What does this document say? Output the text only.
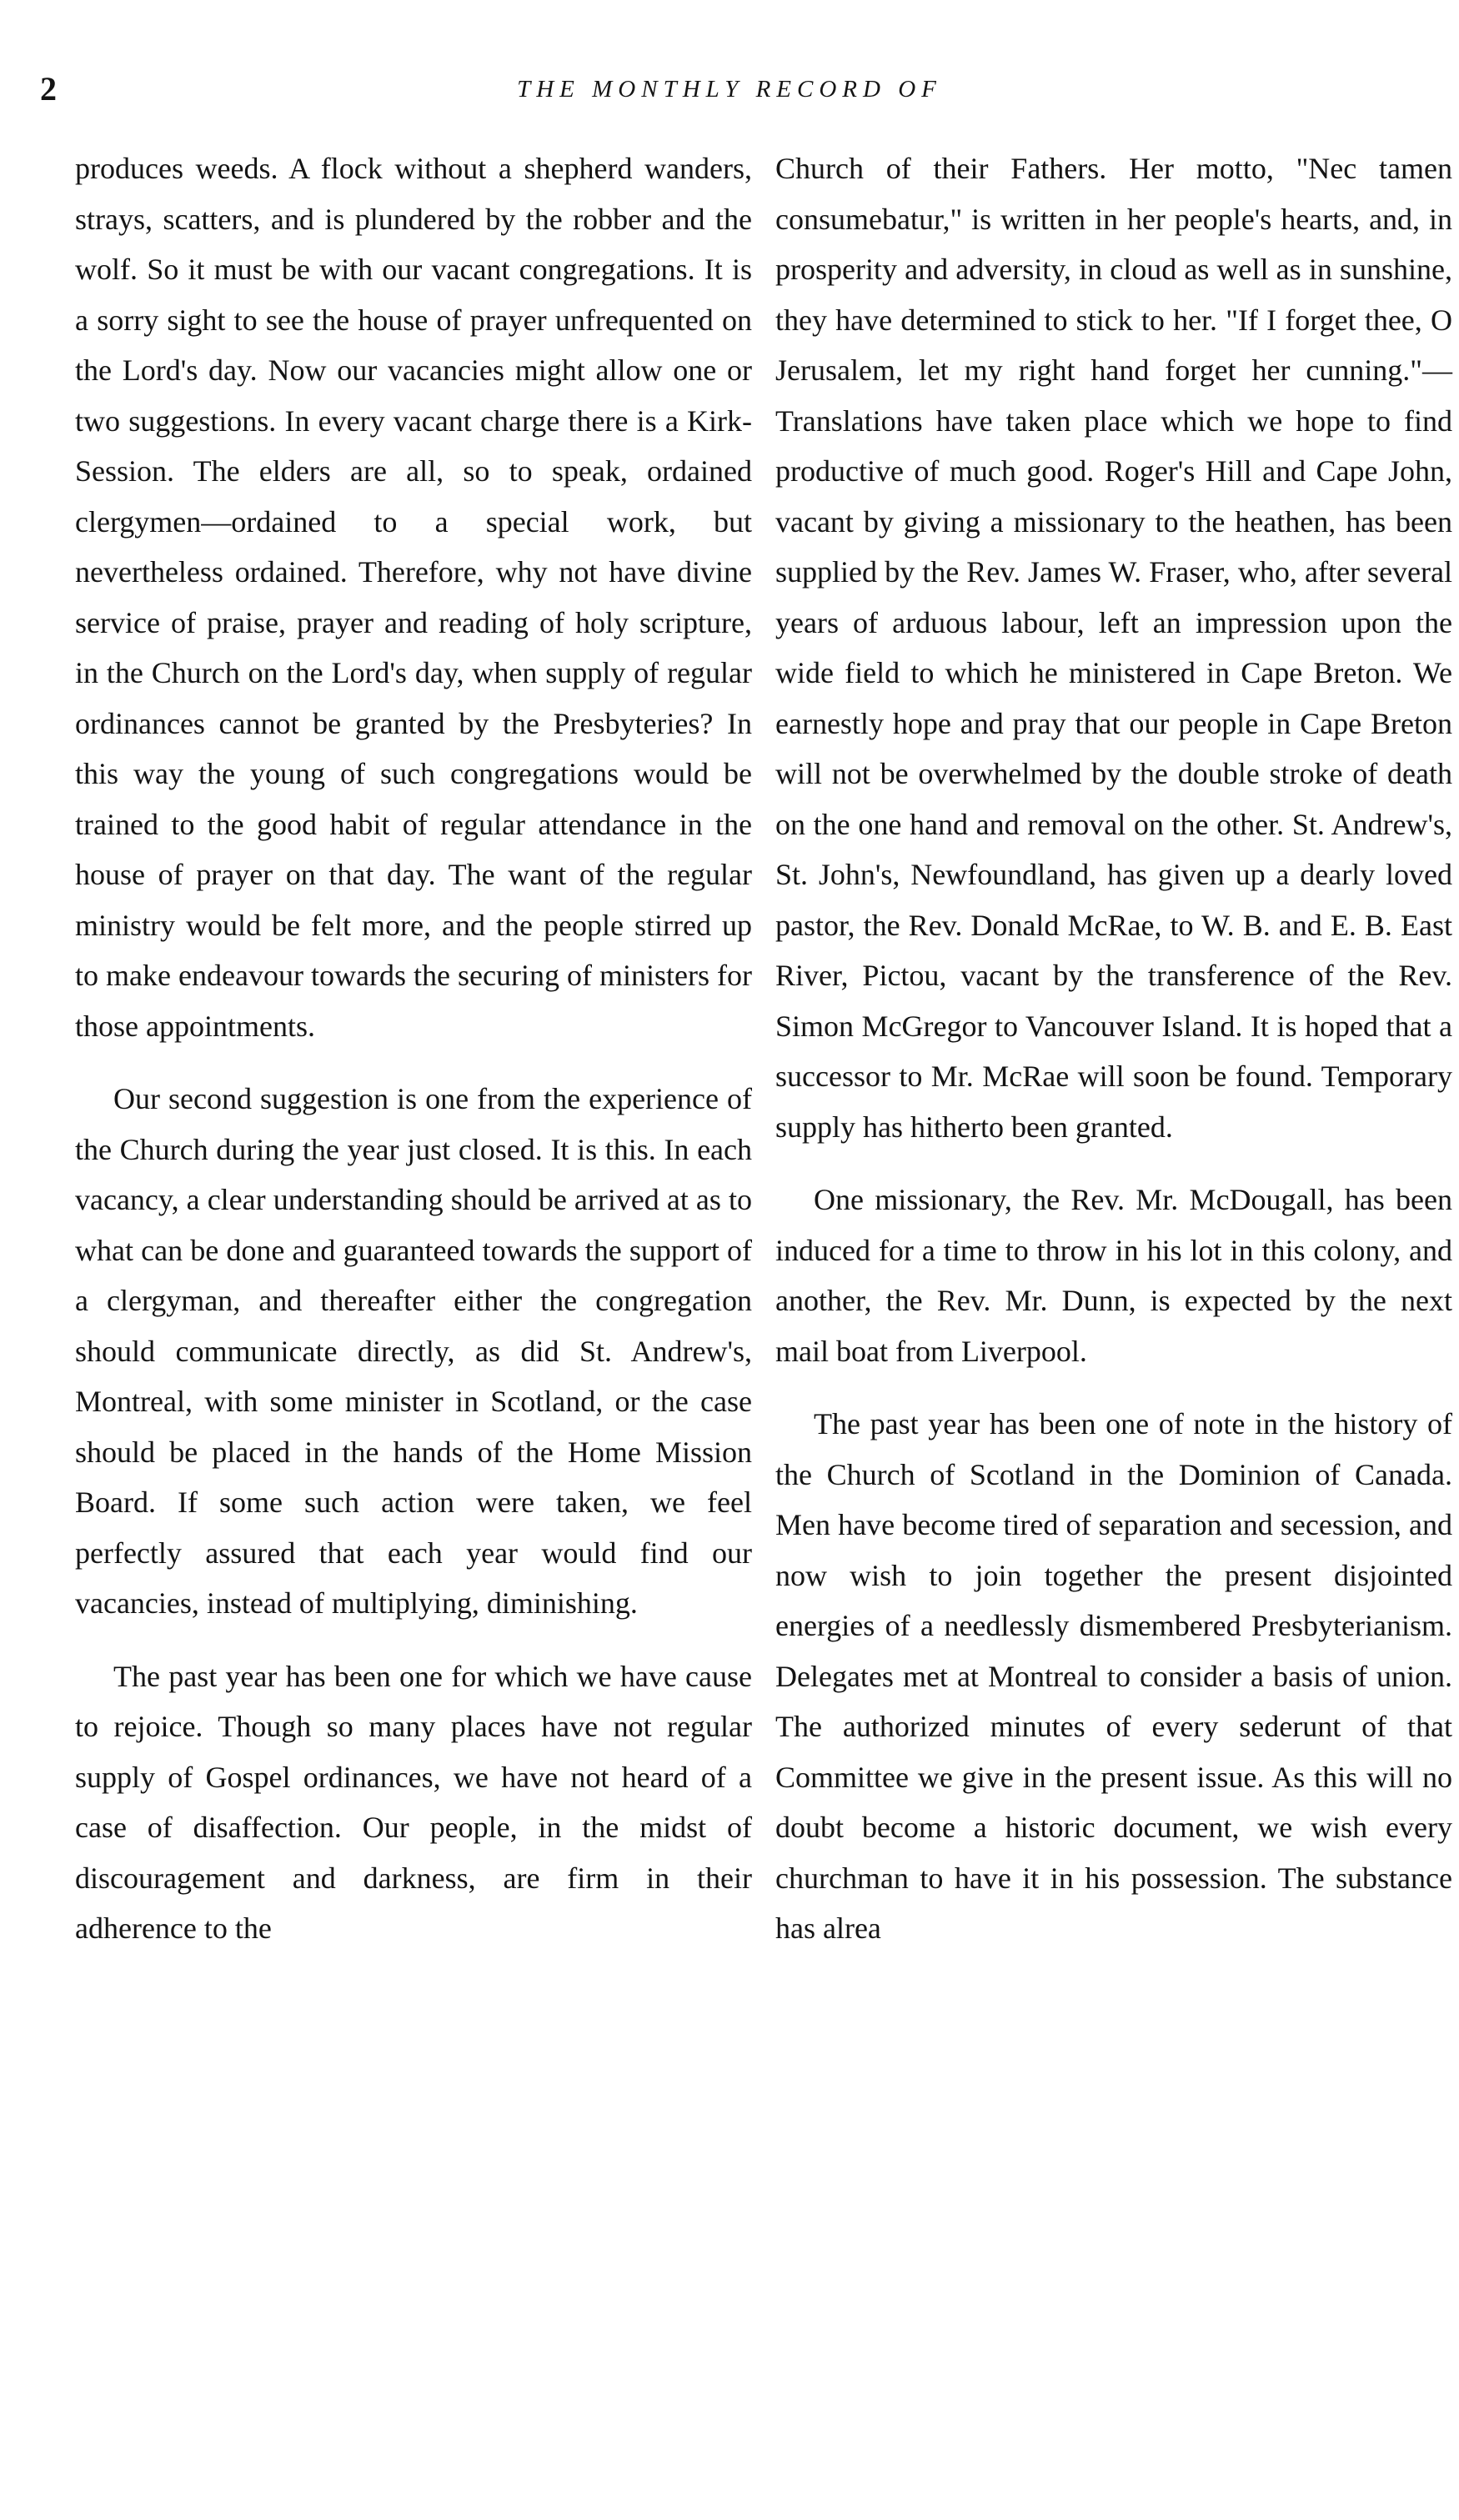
2	THE MONTHLY RECORD OF

produces weeds. A flock without a shepherd wanders, strays, scatters, and is plundered by the robber and the wolf. So it must be with our vacant congregations. It is a sorry sight to see the house of prayer unfrequented on the Lord's day. Now our vacancies might allow one or two suggestions. In every vacant charge there is a Kirk-Session. The elders are all, so to speak, ordained clergymen—ordained to a special work, but nevertheless ordained. Therefore, why not have divine service of praise, prayer and reading of holy scripture, in the Church on the Lord's day, when supply of regular ordinances cannot be granted by the Presbyteries? In this way the young of such congregations would be trained to the good habit of regular attendance in the house of prayer on that day. The want of the regular ministry would be felt more, and the people stirred up to make endeavour towards the securing of ministers for those appointments.

Our second suggestion is one from the experience of the Church during the year just closed. It is this. In each vacancy, a clear understanding should be arrived at as to what can be done and guaranteed towards the support of a clergyman, and thereafter either the congregation should communicate directly, as did St. Andrew's, Montreal, with some minister in Scotland, or the case should be placed in the hands of the Home Mission Board. If some such action were taken, we feel perfectly assured that each year would find our vacancies, instead of multiplying, diminishing.

The past year has been one for which we have cause to rejoice. Though so many places have not regular supply of Gospel ordinances, we have not heard of a case of disaffection. Our people, in the midst of discouragement and darkness, are firm in their adherence to the

Church of their Fathers. Her motto, "Nec tamen consumebatur," is written in her people's hearts, and, in prosperity and adversity, in cloud as well as in sunshine, they have determined to stick to her. "If I forget thee, O Jerusalem, let my right hand forget her cunning."—Translations have taken place which we hope to find productive of much good. Roger's Hill and Cape John, vacant by giving a missionary to the heathen, has been supplied by the Rev. James W. Fraser, who, after several years of arduous labour, left an impression upon the wide field to which he ministered in Cape Breton. We earnestly hope and pray that our people in Cape Breton will not be overwhelmed by the double stroke of death on the one hand and removal on the other. St. Andrew's, St. John's, Newfoundland, has given up a dearly loved pastor, the Rev. Donald McRae, to W. B. and E. B. East River, Pictou, vacant by the transference of the Rev. Simon McGregor to Vancouver Island. It is hoped that a successor to Mr. McRae will soon be found. Temporary supply has hitherto been granted.

One missionary, the Rev. Mr. McDougall, has been induced for a time to throw in his lot in this colony, and another, the Rev. Mr. Dunn, is expected by the next mail boat from Liverpool.

The past year has been one of note in the history of the Church of Scotland in the Dominion of Canada. Men have become tired of separation and secession, and now wish to join together the present disjointed energies of a needlessly dismembered Presbyterianism. Delegates met at Montreal to consider a basis of union. The authorized minutes of every sederunt of that Committee we give in the present issue. As this will no doubt become a historic document, we wish every churchman to have it in his possession. The substance has alrea
